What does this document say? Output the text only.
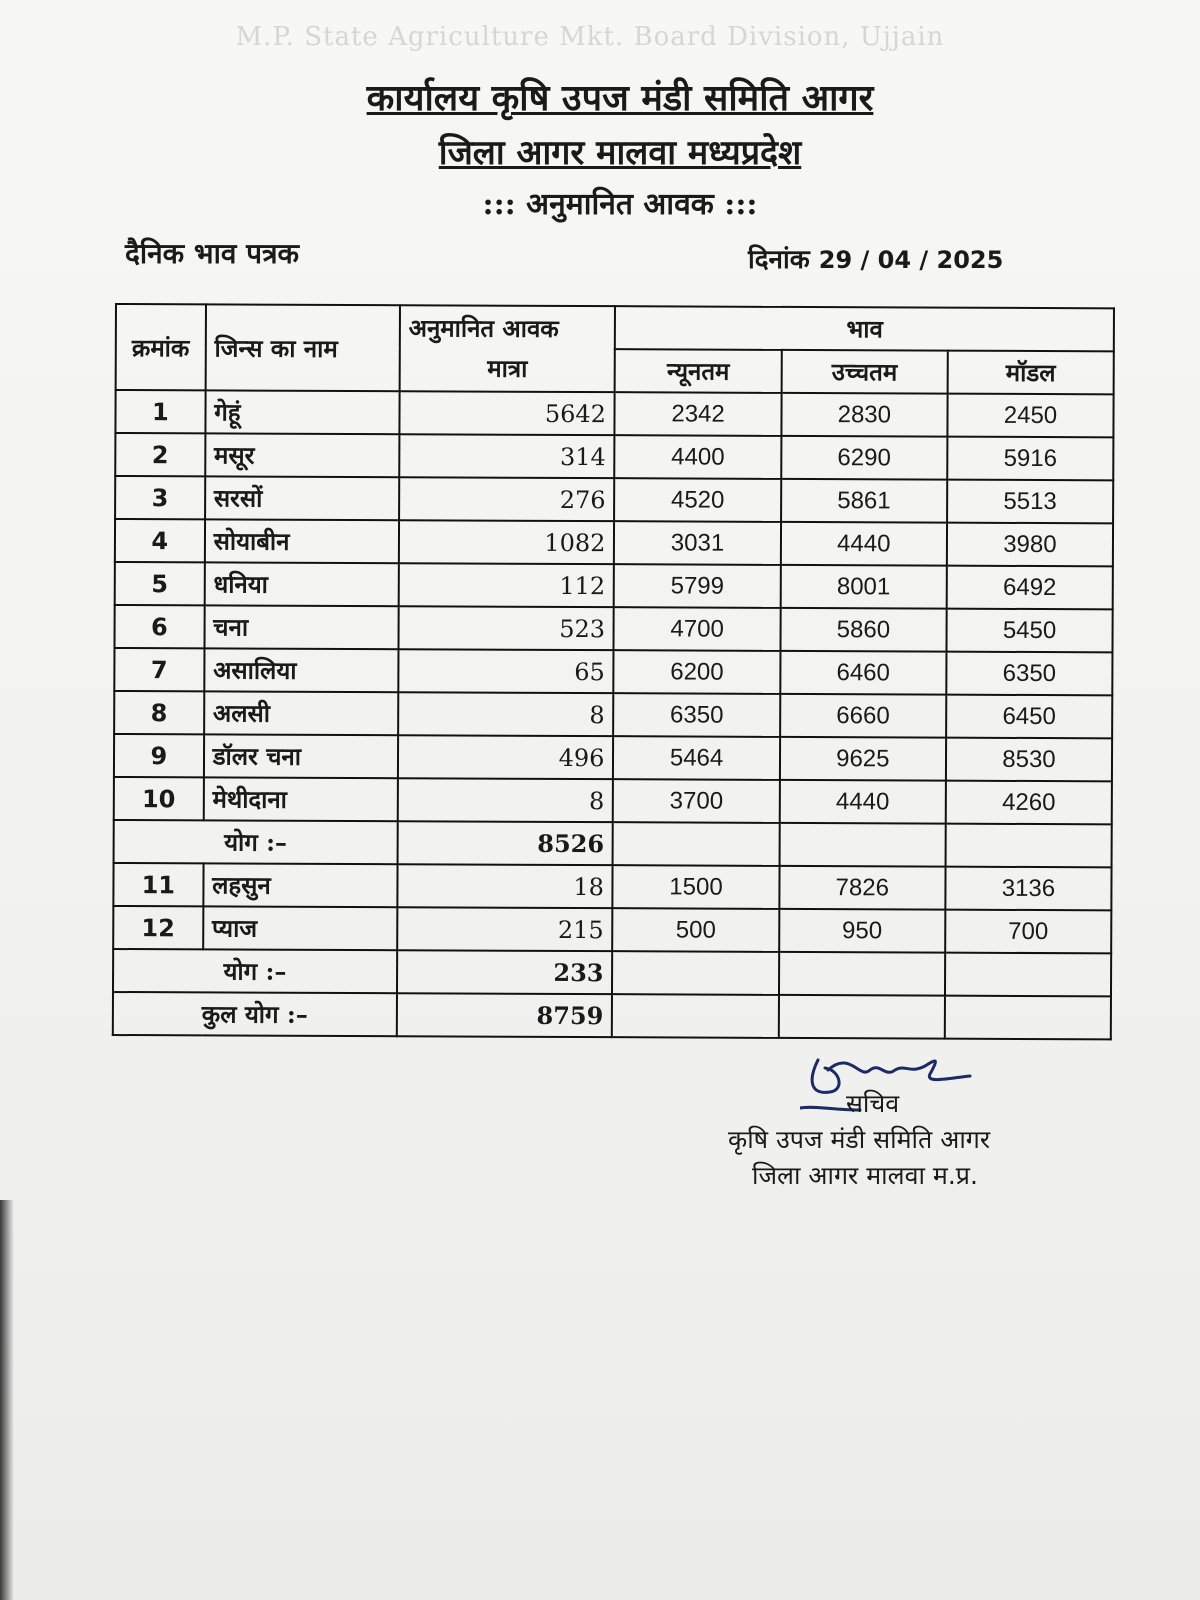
M.P. State Agriculture Mkt. Board Division, Ujjain
कार्यालय कृषि उपज मंडी समिति आगर
जिला आगर मालवा मध्यप्रदेश
::: अनुमानित आवक :::
दैनिक भाव पत्रक	दिनांक 29 / 04 / 2025
क्रमांक	जिन्स का नाम	अनुमानित आवक
मात्रा	भाव		
			न्यूनतम	उच्चतम	मॉडल
1	गेहूं	5642	2342	2830	2450
2	मसूर	314	4400	6290	5916
3	सरसों	276	4520	5861	5513
4	सोयाबीन	1082	3031	4440	3980
5	धनिया	112	5799	8001	6492
6	चना	523	4700	5860	5450
7	असालिया	65	6200	6460	6350
8	अलसी	8	6350	6660	6450
9	डॉलर चना	496	5464	9625	8530
10	मेथीदाना	8	3700	4440	4260
योग :–		8526			
11	लहसुन	18	1500	7826	3136
12	प्याज	215	500	950	700
योग :–		233			
कुल योग :–		8759			
सचिव
कृषि उपज मंडी समिति आगर
जिला आगर मालवा म.प्र.
